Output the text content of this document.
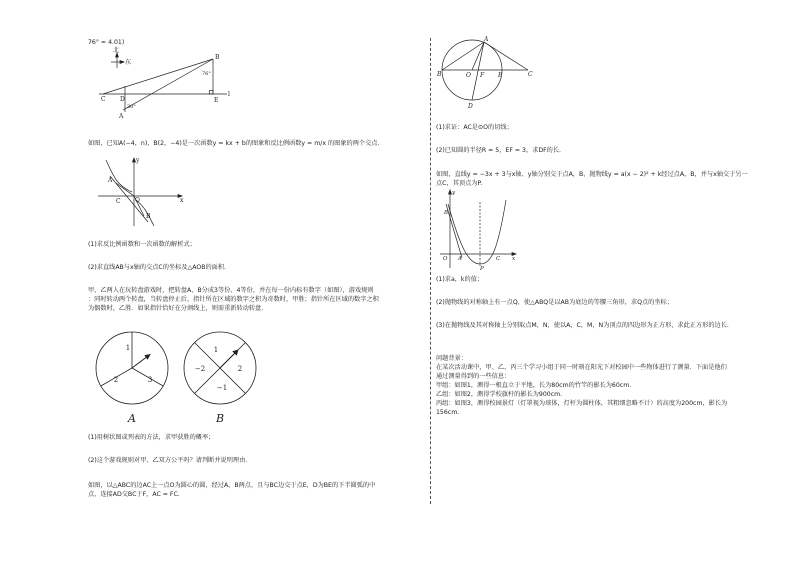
76° ≈ 4.01)
北
东
B
C D	E
l
A
76°
30°
如图，已知A(−4，n)，B(2，−4)是一次函数y = kx + b的图象和反比例函数y = m/x 的图象的两个交点.
y
A
C O
B
x
(1)求反比例函数和一次函数的解析式；
(2)求直线AB与x轴的交点C的坐标及△AOB的面积.
甲、乙两人在玩转盘游戏时，把转盘A、B分成3等份、4等份，并在每一份内标有数字（如图），游戏规则
：同时转动两个转盘，当转盘停止后，指针所在区域的数字之积为奇数时，甲胜；指针所在区域的数字之积
为偶数时，乙胜．如果指针恰好在分割线上，则需重新转动转盘.
1
2	3
A
1
−2	2
−1
B
(1)用树状图或列表的方法，求甲获胜的概率；
(2)这个游戏规则对甲、乙双方公平吗？请判断并说明理由.
如图，以△ABC的边AC上一点O为圆心的圆，经过A，B两点，且与BC边交于点E，D为BE的下半圆弧的中
点，连接AD交BC于F，AC = FC.
A
B	O F E	C
D
(1)求证：AC是⊙O的切线；
(2)已知圆的半径R = 5，EF = 3，求DF的长.
如图，直线y = −3x + 3与x轴、y轴分别交于点A，B，抛物线y = a(x − 2)² + k经过点A，B，并与x轴交于另一
点C，其顶点为P.
y
B
O A	C x
P
(1)求a，k的值；
(2)抛物线的对称轴上有一点Q，使△ABQ是以AB为底边的等腰三角形，求Q点的坐标；
(3)在抛物线及其对称轴上分别取点M，N，使以A，C，M，N为顶点的四边形为正方形，求此正方形的边长.
问题背景：
在某次活动课中，甲、乙、丙三个学习小组于同一时刻在阳光下对校园中一些物体进行了测量．下面是他们
通过测量得到的一些信息：
甲组：如图1，测得一根直立于平地，长为80cm的竹竿的影长为60cm.
乙组：如图2，测得学校旗杆的影长为900cm.
丙组：如图3，测得校园景灯（灯罩视为球体，灯杆为圆柱体，其粗细忽略不计）的高度为200cm，影长为
156cm.
